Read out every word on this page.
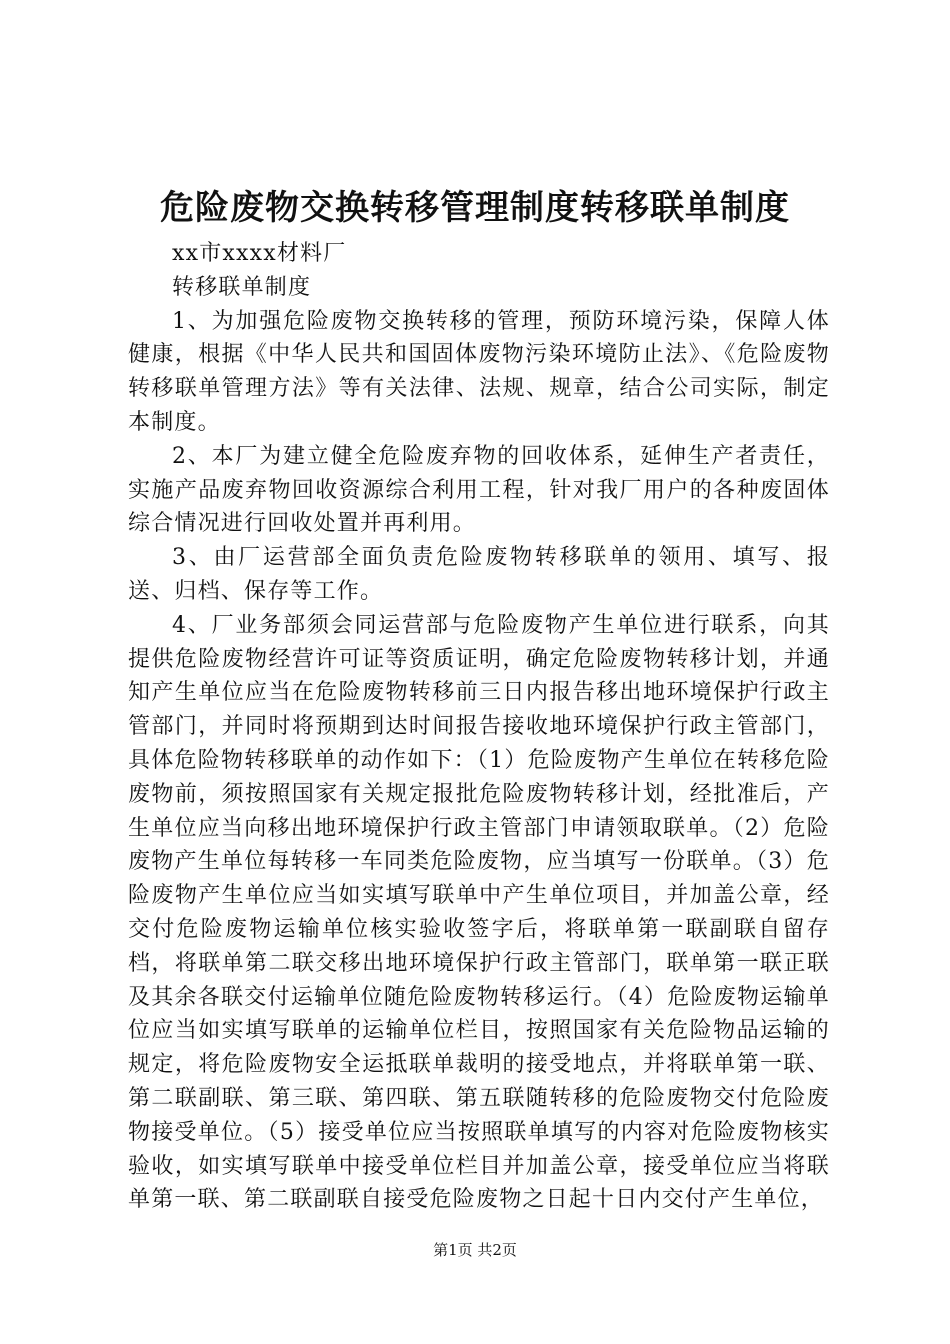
危险废物交换转移管理制度转移联单制度

xx市xxxx材料厂

转移联单制度

1、为加强危险废物交换转移的管理，预防环境污染，保障人体健康，根据《中华人民共和国固体废物污染环境防止法》、《危险废物转移联单管理方法》等有关法律、法规、规章，结合公司实际，制定本制度。

2、本厂为建立健全危险废弃物的回收体系，延伸生产者责任，实施产品废弃物回收资源综合利用工程，针对我厂用户的各种废固体综合情况进行回收处置并再利用。

3、由厂运营部全面负责危险废物转移联单的领用、填写、报送、归档、保存等工作。

4、厂业务部须会同运营部与危险废物产生单位进行联系，向其提供危险废物经营许可证等资质证明，确定危险废物转移计划，并通知产生单位应当在危险废物转移前三日内报告移出地环境保护行政主管部门，并同时将预期到达时间报告接收地环境保护行政主管部门，具体危险物转移联单的动作如下：（1）危险废物产生单位在转移危险废物前，须按照国家有关规定报批危险废物转移计划，经批准后，产生单位应当向移出地环境保护行政主管部门申请领取联单。（2）危险废物产生单位每转移一车同类危险废物，应当填写一份联单。（3）危险废物产生单位应当如实填写联单中产生单位项目，并加盖公章，经交付危险废物运输单位核实验收签字后，将联单第一联副联自留存档，将联单第二联交移出地环境保护行政主管部门，联单第一联正联及其余各联交付运输单位随危险废物转移运行。（4）危险废物运输单位应当如实填写联单的运输单位栏目，按照国家有关危险物品运输的规定，将危险废物安全运抵联单裁明的接受地点，并将联单第一联、第二联副联、第三联、第四联、第五联随转移的危险废物交付危险废物接受单位。（5）接受单位应当按照联单填写的内容对危险废物核实验收，如实填写联单中接受单位栏目并加盖公章，接受单位应当将联单第一联、第二联副联自接受危险废物之日起十日内交付产生单位，

第1页 共2页
